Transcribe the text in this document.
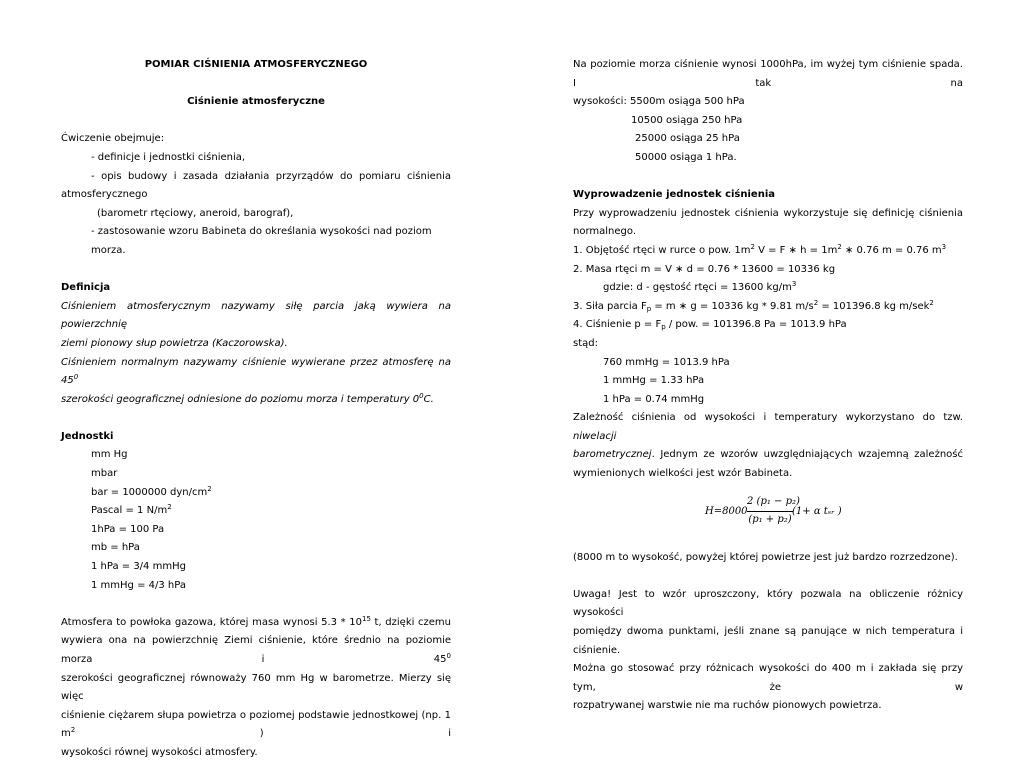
POMIAR CIŚNIENIA ATMOSFERYCZNEGO

Ciśnienie atmosferyczne

Ćwiczenie obejmuje:

- definicje i jednostki ciśnienia,

- opis budowy i zasada działania przyrządów do pomiaru ciśnienia

atmosferycznego

(barometr rtęciowy, aneroid, barograf),

- zastosowanie wzoru Babineta do określania wysokości nad poziom morza.

Definicja

Ciśnieniem atmosferycznym nazywamy siłę parcia jaką wywiera na powierzchnię

ziemi pionowy słup powietrza (Kaczorowska).

Ciśnieniem normalnym nazywamy ciśnienie wywierane przez atmosferę na $45^0$

szerokości geograficznej odniesione do poziomu morza i temperatury $0^0C$.

Jednostki

mm Hg

mbar

bar = 1000000 dyn/$cm^2$

Pascal = 1 $N/m^2$

1hPa = 100 Pa

mb = hPa

1 hPa = 3/4 mmHg

1 mmHg = 4/3 hPa

Atmosfera to powłoka gazowa, której masa wynosi $5.3 * 10^{15}$ t, dzięki czemu

wywiera ona na powierzchnię Ziemi ciśnienie, które średnio na poziomie morza i $45^0$

szerokości geograficznej równoważy 760 mm Hg w barometrze. Mierzy się więc

ciśnienie ciężarem słupa powietrza o poziomej podstawie jednostkowej (np. 1 $m^2$ ) i

wysokości równej wysokości atmosfery.

Na poziomie morza ciśnienie wynosi 1000hPa, im wyżej tym ciśnienie spada. I tak na

wysokości: 5500m osiąga 500 hPa

10500 osiąga 250 hPa

25000 osiąga 25 hPa

50000 osiąga 1 hPa.

Wyprowadzenie jednostek ciśnienia

Przy wyprowadzeniu jednostek ciśnienia wykorzystuje się definicję ciśnienia

normalnego.

1. Objętość rtęci w rurce o pow. $1m^2$ V = F ∗ $h = 1m^2$ ∗ 0.76 m = 0.76 $m^3$

2. Masa rtęci m = V ∗ d = 0.76 * 13600 = 10336 kg

gdzie: d - gęstość rtęci = 13600 $kg/m^3$

3. Siła parcia $F_p = m$ ∗ g = 10336 kg * 9.81 $m/s^2 = 101396.8$ kg m/sek$^2$

4. Ciśnienie $p = F_p$ / pow. = 101396.8 Pa = 1013.9 hPa

stąd:

760 mmHg = 1013.9 hPa

1 mmHg = 1.33 hPa

1 hPa = 0.74 mmHg

Zależność ciśnienia od wysokości i temperatury wykorzystano do tzw. niwelacji

barometrycznej. Jednym ze wzorów uwzględniających wzajemną zależność

wymienionych wielkości jest wzór Babineta.

H=8000
2 (p₁ − p₂)
(p₁ + p₂)
(1+ α tₛᵣ )

(8000 m to wysokość, powyżej której powietrze jest już bardzo rozrzedzone).

Uwaga! Jest to wzór uproszczony, który pozwala na obliczenie różnicy wysokości

pomiędzy dwoma punktami, jeśli znane są panujące w nich temperatura i ciśnienie.

Można go stosować przy różnicach wysokości do 400 m i zakłada się przy tym, że w

rozpatrywanej warstwie nie ma ruchów pionowych powietrza.
